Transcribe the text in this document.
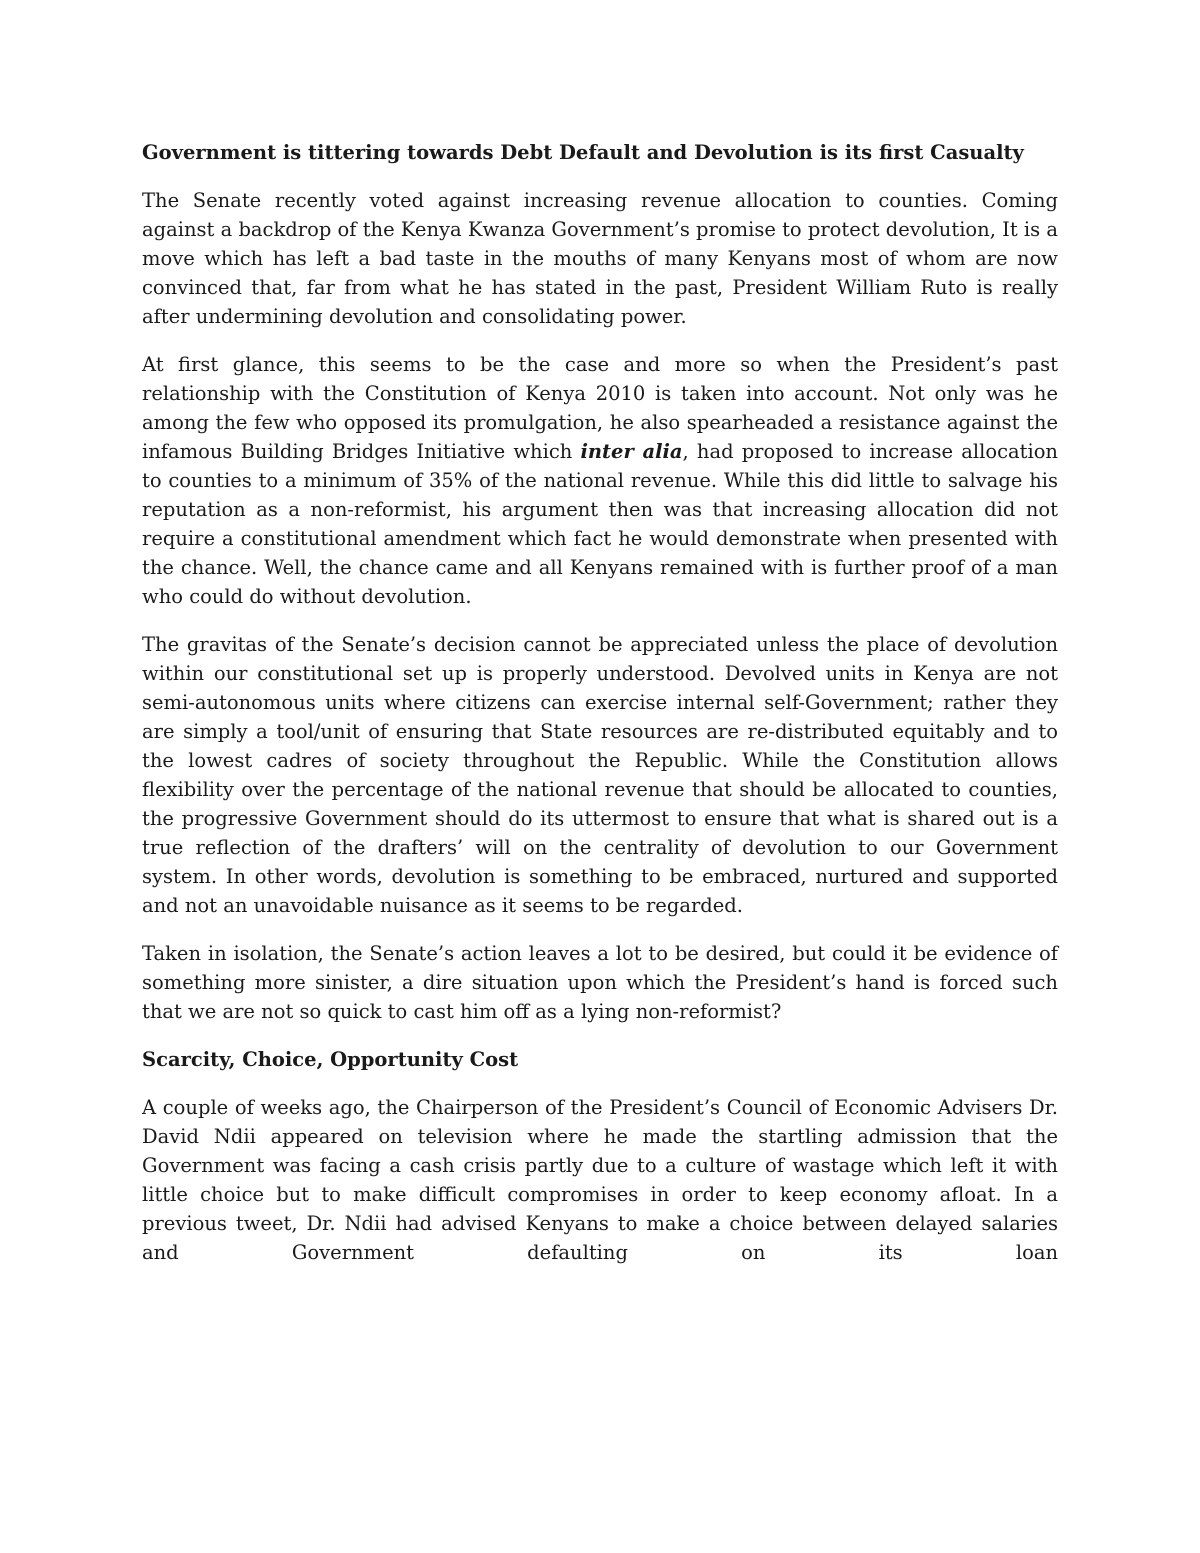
Government is tittering towards Debt Default and Devolution is its first Casualty

The Senate recently voted against increasing revenue allocation to counties. Coming against a backdrop of the Kenya Kwanza Government’s promise to protect devolution, It is a move which has left a bad taste in the mouths of many Kenyans most of whom are now convinced that, far from what he has stated in the past, President William Ruto is really after undermining devolution and consolidating power.

At first glance, this seems to be the case and more so when the President’s past relationship with the Constitution of Kenya 2010 is taken into account. Not only was he among the few who opposed its promulgation, he also spearheaded a resistance against the infamous Building Bridges Initiative which inter alia, had proposed to increase allocation to counties to a minimum of 35% of the national revenue. While this did little to salvage his reputation as a non-reformist, his argument then was that increasing allocation did not require a constitutional amendment which fact he would demonstrate when presented with the chance. Well, the chance came and all Kenyans remained with is further proof of a man who could do without devolution.

The gravitas of the Senate’s decision cannot be appreciated unless the place of devolution within our constitutional set up is properly understood. Devolved units in Kenya are not semi-autonomous units where citizens can exercise internal self-Government; rather they are simply a tool/unit of ensuring that State resources are re-distributed equitably and to the lowest cadres of society throughout the Republic. While the Constitution allows flexibility over the percentage of the national revenue that should be allocated to counties, the progressive Government should do its uttermost to ensure that what is shared out is a true reflection of the drafters’ will on the centrality of devolution to our Government system. In other words, devolution is something to be embraced, nurtured and supported and not an unavoidable nuisance as it seems to be regarded.

Taken in isolation, the Senate’s action leaves a lot to be desired, but could it be evidence of something more sinister, a dire situation upon which the President’s hand is forced such that we are not so quick to cast him off as a lying non-reformist?

Scarcity, Choice, Opportunity Cost

A couple of weeks ago, the Chairperson of the President’s Council of Economic Advisers Dr. David Ndii appeared on television where he made the startling admission that the Government was facing a cash crisis partly due to a culture of wastage which left it with little choice but to make difficult compromises in order to keep economy afloat. In a previous tweet, Dr. Ndii had advised Kenyans to make a choice between delayed salaries and Government defaulting on its loan
